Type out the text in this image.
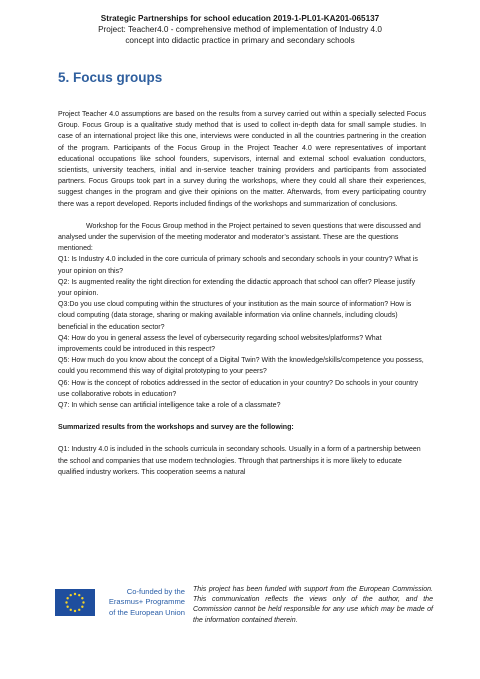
Strategic Partnerships for school education 2019-1-PL01-KA201-065137
Project: Teacher4.0 - comprehensive method of implementation of Industry 4.0
concept into didactic practice in primary and secondary schools
5. Focus groups

Project Teacher 4.0 assumptions are based on the results from a survey carried out within a specially selected Focus Group. Focus Group is a qualitative study method that is used to collect in-depth data for small sample studies. In case of an international project like this one, interviews were conducted in all the countries partnering in the creation of the program. Participants of the Focus Group in the Project Teacher 4.0 were representatives of important educational occupations like school founders, supervisors, internal and external school evaluation conductors, scientists, university teachers, initial and in-service teacher training providers and participants from associated partners. Focus Groups took part in a survey during the workshops, where they could all share their experiences, suggest changes in the program and give their opinions on the matter. Afterwards, from every participating country there was a report developed. Reports included findings of the workshops and summarization of conclusions.

Workshop for the Focus Group method in the Project pertained to seven questions that were discussed and analysed under the supervision of the meeting moderator and moderator’s assistant. These are the questions mentioned:

Q1: Is Industry 4.0 included in the core curricula of primary schools and secondary schools in your country? What is your opinion on this?

Q2: Is augmented reality the right direction for extending the didactic approach that school can offer? Please justify your opinion.

Q3:Do you use cloud computing within the structures of your institution as the main source of information? How is cloud computing (data storage, sharing or making available information via online channels, including clouds) beneficial in the education sector?

Q4: How do you in general assess the level of cybersecurity regarding school websites/platforms? What improvements could be introduced in this respect?

Q5: How much do you know about the concept of a Digital Twin? With the knowledge/skills/competence you possess, could you recommend this way of digital prototyping to your peers?

Q6: How is the concept of robotics addressed in the sector of education in your country? Do schools in your country use collaborative robots in education?

Q7: In which sense can artificial intelligence take a role of a classmate?

Summarized results from the workshops and survey are the following:

Q1: Industry 4.0 is included in the schools curricula in secondary schools. Usually in a form of a partnership between the school and companies that use modern technologies. Through that partnerships it is more likely to educate qualified industry workers. This cooperation seems a natural

Co-funded by the
Erasmus+ Programme
of the European Union
This project has been funded with support from the European Commission. This communication reflects the views only of the author, and the Commission cannot be held responsible for any use which may be made of the information contained therein.
